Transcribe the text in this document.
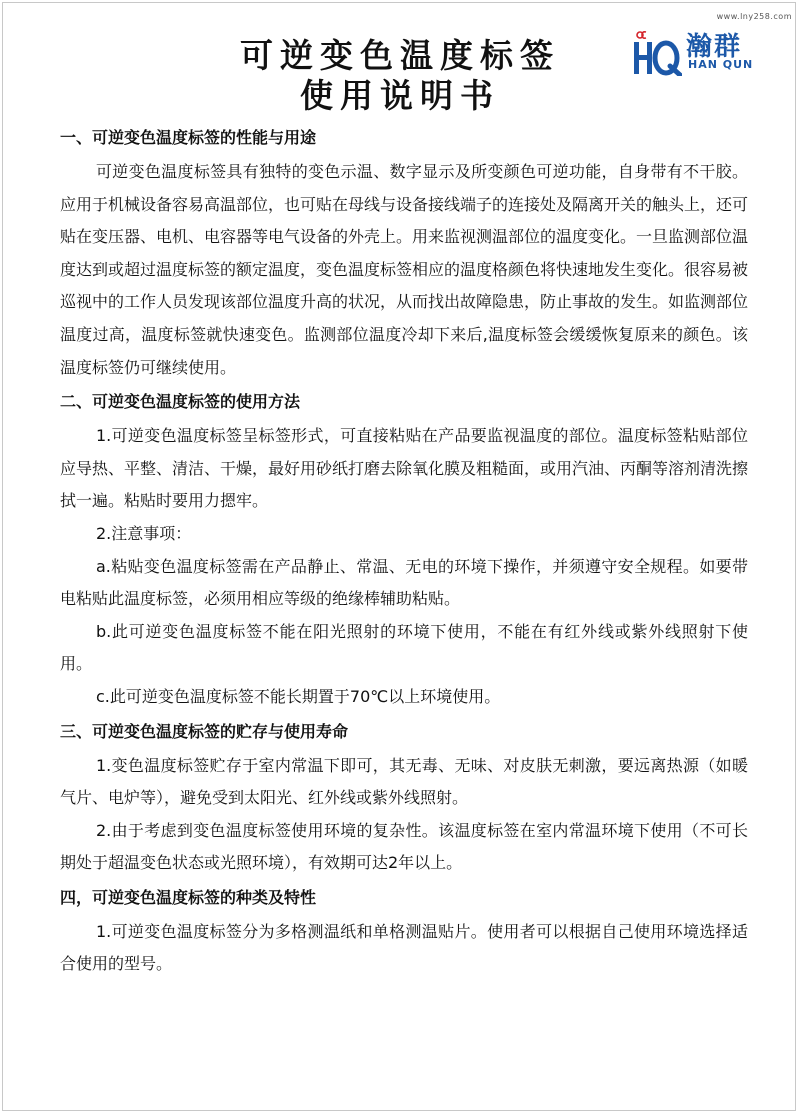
www.lny258.com
瀚群
HAN QUN
可逆变色温度标签
使用说明书

一、可逆变色温度标签的性能与用途

可逆变色温度标签具有独特的变色示温、数字显示及所变颜色可逆功能，自身带有不干胶。应用于机械设备容易高温部位，也可贴在母线与设备接线端子的连接处及隔离开关的触头上，还可贴在变压器、电机、电容器等电气设备的外壳上。用来监视测温部位的温度变化。一旦监测部位温度达到或超过温度标签的额定温度，变色温度标签相应的温度格颜色将快速地发生变化。很容易被巡视中的工作人员发现该部位温度升高的状况，从而找出故障隐患，防止事故的发生。如监测部位温度过高，温度标签就快速变色。监测部位温度冷却下来后,温度标签会缓缓恢复原来的颜色。该温度标签仍可继续使用。

二、可逆变色温度标签的使用方法

1.可逆变色温度标签呈标签形式，可直接粘贴在产品要监视温度的部位。温度标签粘贴部位应导热、平整、清洁、干燥，最好用砂纸打磨去除氧化膜及粗糙面，或用汽油、丙酮等溶剂清洗擦拭一遍。粘贴时要用力摁牢。

2.注意事项：

a.粘贴变色温度标签需在产品静止、常温、无电的环境下操作，并须遵守安全规程。如要带电粘贴此温度标签，必须用相应等级的绝缘棒辅助粘贴。

b.此可逆变色温度标签不能在阳光照射的环境下使用，不能在有红外线或紫外线照射下使用。

c.此可逆变色温度标签不能长期置于70℃以上环境使用。

三、可逆变色温度标签的贮存与使用寿命

1.变色温度标签贮存于室内常温下即可，其无毒、无味、对皮肤无刺激，要远离热源（如暖气片、电炉等），避免受到太阳光、红外线或紫外线照射。

2.由于考虑到变色温度标签使用环境的复杂性。该温度标签在室内常温环境下使用（不可长期处于超温变色状态或光照环境），有效期可达2年以上。

四，可逆变色温度标签的种类及特性

1.可逆变色温度标签分为多格测温纸和单格测温贴片。使用者可以根据自己使用环境选择适合使用的型号。
